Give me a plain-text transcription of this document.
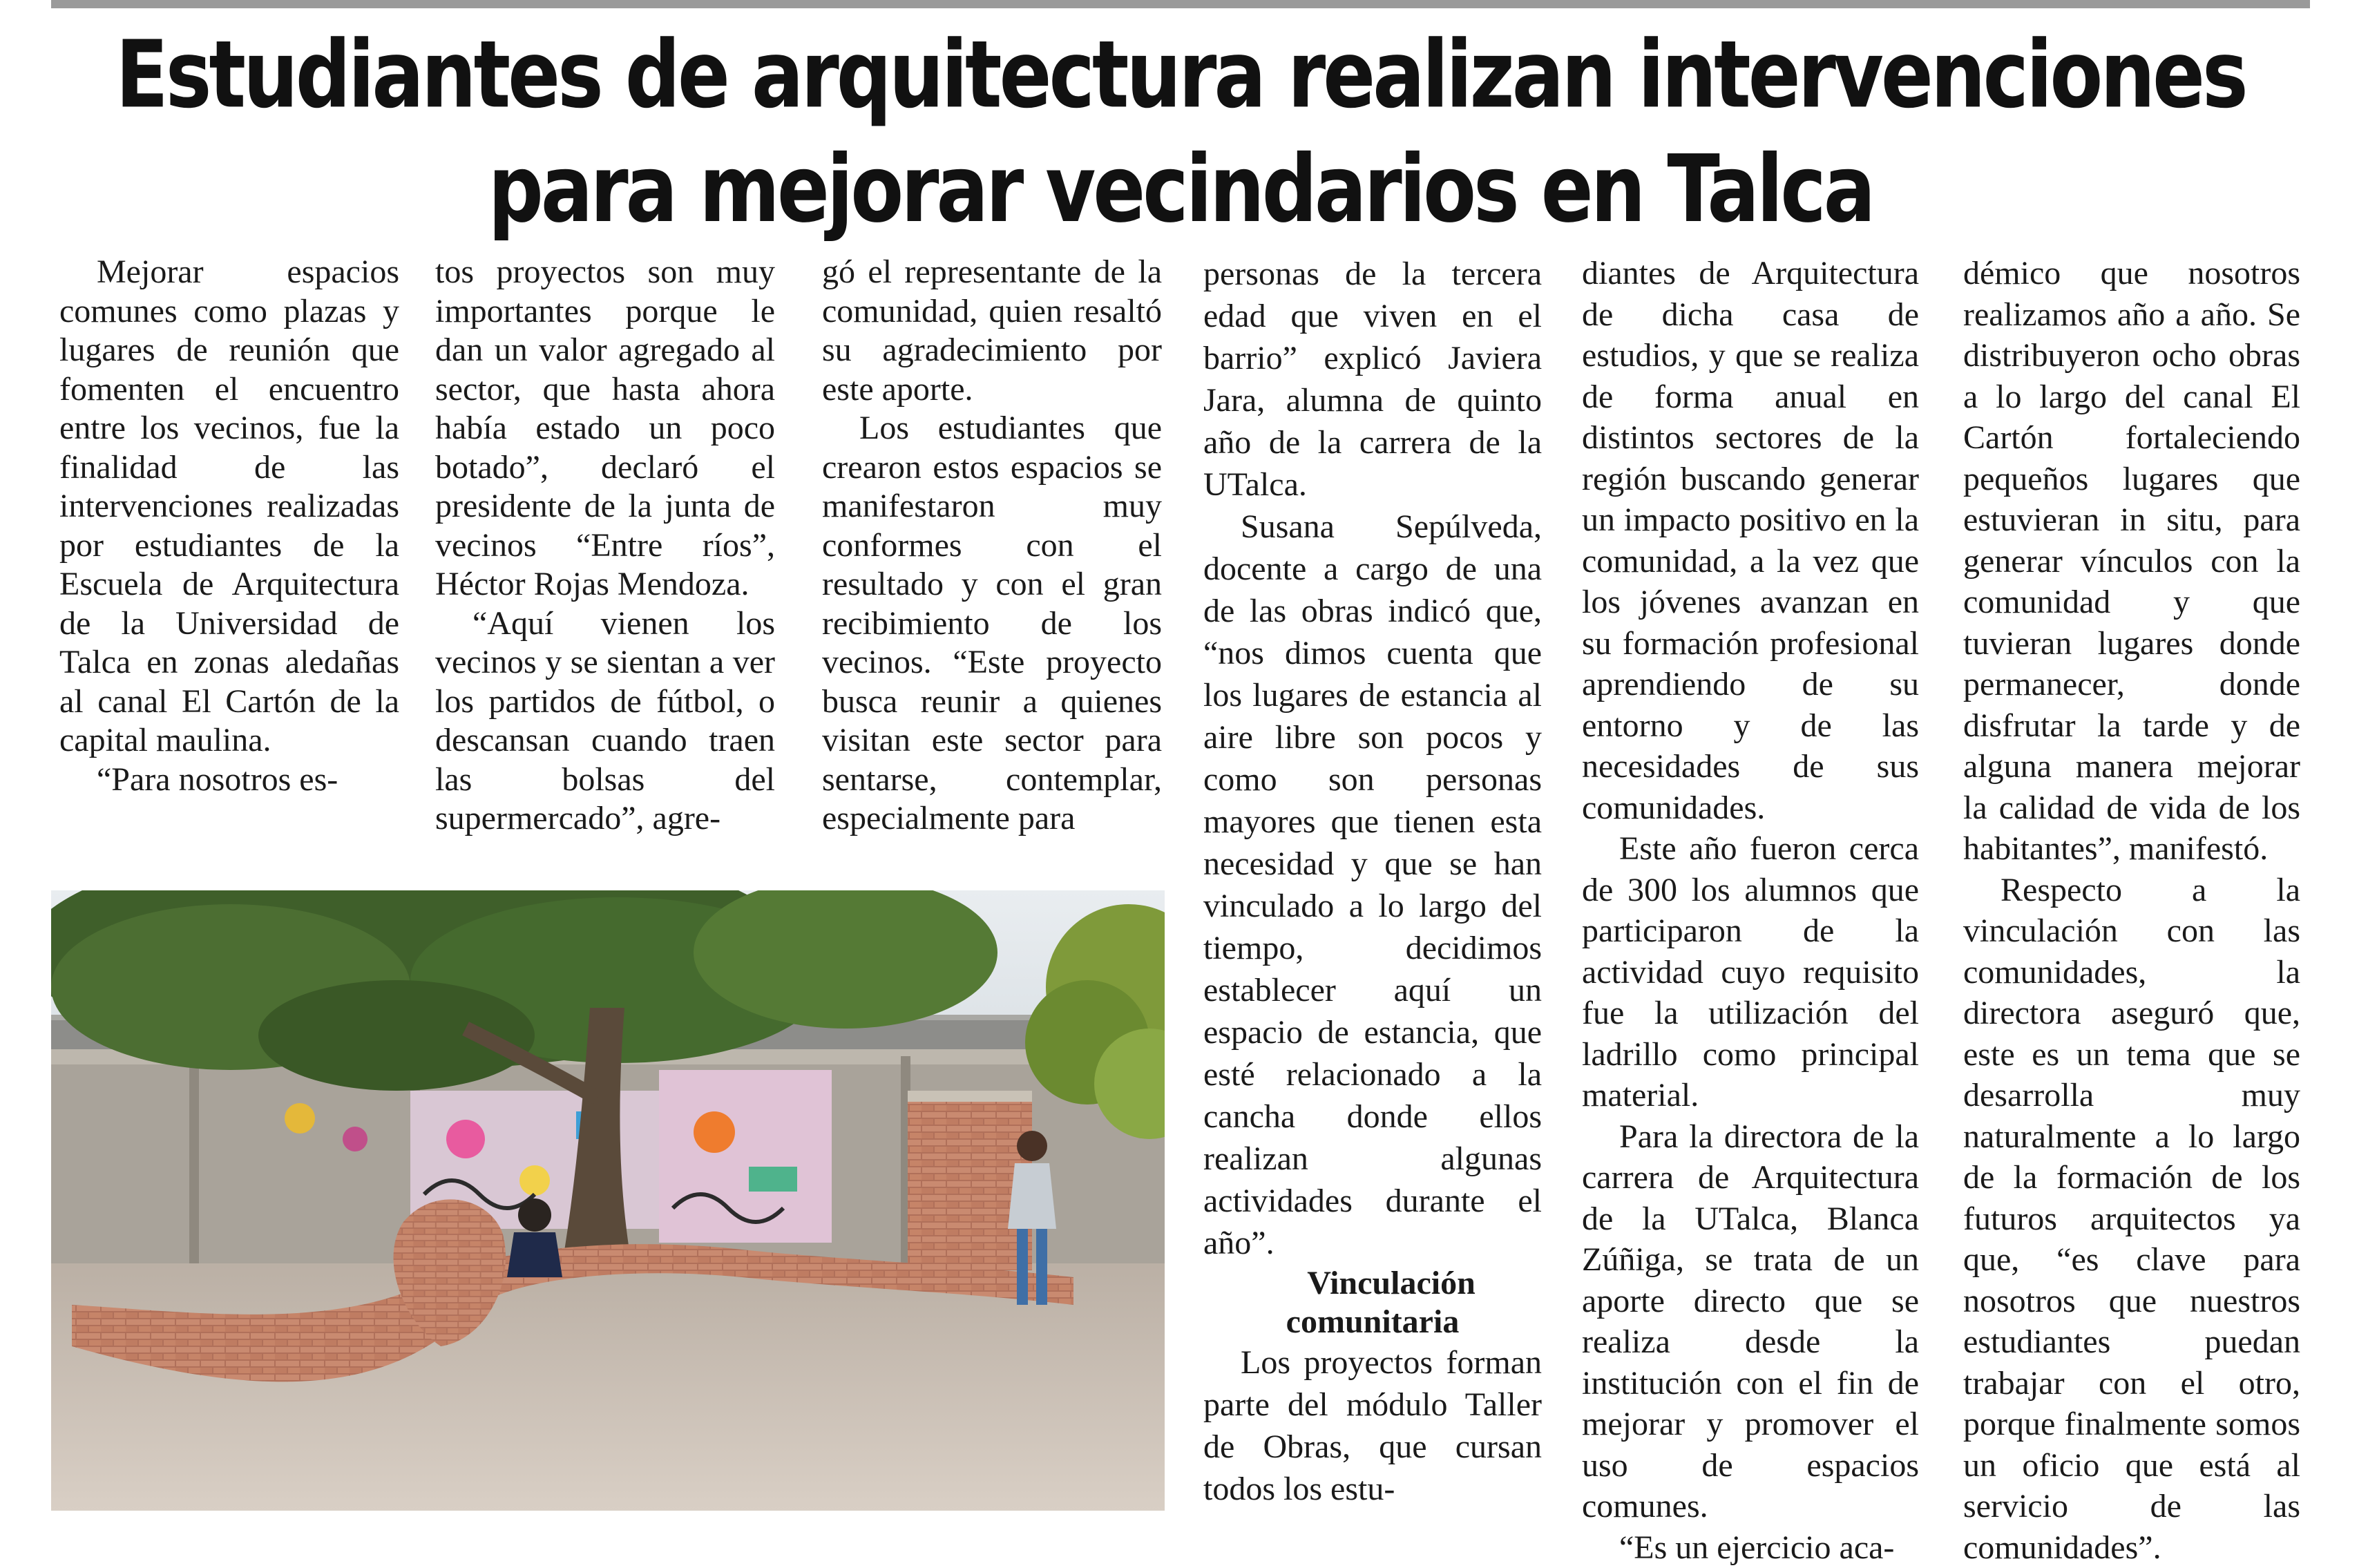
Estudiantes de arquitectura realizan intervenciones
para mejorar vecindarios en Talca

Mejorar espacios comunes como plazas y lugares de reunión que fomenten el encuentro entre los vecinos, fue la finalidad de las intervenciones realizadas por estudiantes de la Escuela de Arquitectura de la Universidad de Talca en zonas aledañas al canal El Cartón de la capital maulina.

“Para nosotros es-

tos proyectos son muy importantes porque le dan un valor agregado al sector, que hasta ahora había estado un poco botado”, declaró el presidente de la junta de vecinos “Entre ríos”, Héctor Rojas Mendoza.

“Aquí vienen los vecinos y se sientan a ver los partidos de fútbol, o descansan cuando traen las bolsas del supermercado”, agre-

gó el representante de la comunidad, quien resaltó su agradecimiento por este aporte.

Los estudiantes que crearon estos espacios se manifestaron muy conformes con el resultado y con el gran recibimiento de los vecinos. “Este proyecto busca reunir a quienes visitan este sector para sentarse, contemplar, especialmente para

personas de la tercera edad que viven en el barrio” explicó Javiera Jara, alumna de quinto año de la carrera de la UTalca.

Susana Sepúlveda, docente a cargo de una de las obras indicó que, “nos dimos cuenta que los lugares de estancia al aire libre son pocos y como son personas mayores que tienen esta necesidad y que se han vinculado a lo largo del tiempo, decidimos establecer aquí un espacio de estancia, que esté relacionado a la cancha donde ellos realizan algunas actividades durante el año”.

Vinculación comunitaria

Los proyectos forman parte del módulo Taller de Obras, que cursan todos los estu-

diantes de Arquitectura de dicha casa de estudios, y que se realiza de forma anual en distintos sectores de la región buscando generar un impacto positivo en la comunidad, a la vez que los jóvenes avanzan en su formación profesional aprendiendo de su entorno y de las necesidades de sus comunidades.

Este año fueron cerca de 300 los alumnos que participaron de la actividad cuyo requisito fue la utilización del ladrillo como principal material.

Para la directora de la carrera de Arquitectura de la UTalca, Blanca Zúñiga, se trata de un aporte directo que se realiza desde la institución con el fin de mejorar y promover el uso de espacios comunes.

“Es un ejercicio aca-

démico que nosotros realizamos año a año. Se distribuyeron ocho obras a lo largo del canal El Cartón fortaleciendo pequeños lugares que estuvieran in situ, para generar vínculos con la comunidad y que tuvieran lugares donde permanecer, donde disfrutar la tarde y de alguna manera mejorar la calidad de vida de los habitantes”, manifestó.

Respecto a la vinculación con las comunidades, la directora aseguró que, este es un tema que se desarrolla muy naturalmente a lo largo de la formación de los futuros arquitectos ya que, “es clave para nosotros que nuestros estudiantes puedan trabajar con el otro, porque finalmente somos un oficio que está al servicio de las comunidades”.
